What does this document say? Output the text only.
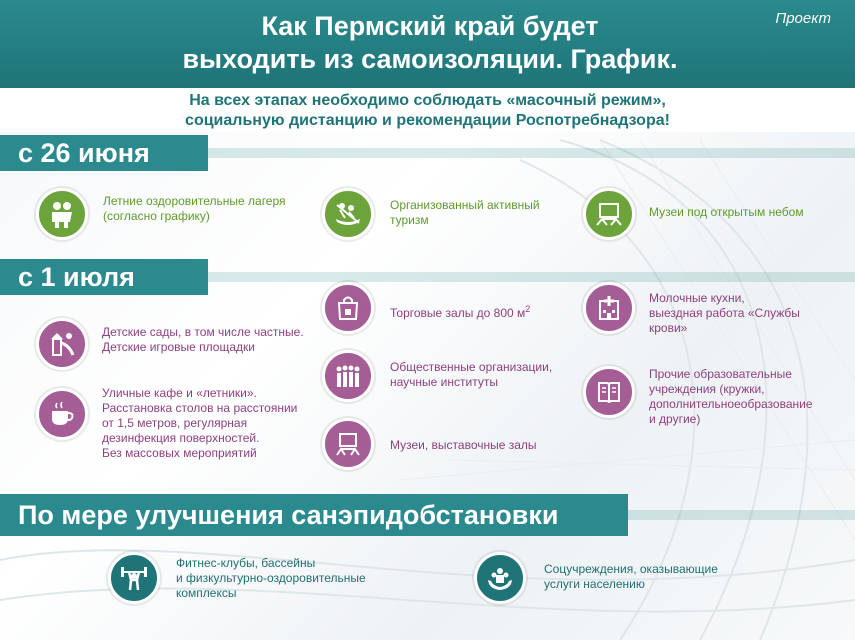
Как Пермский край будет
выходить из самоизоляции. График.
Проект
На всех этапах необходимо соблюдать «масочный режим»,
социальную дистанцию и рекомендации Роспотребнадзора!
с 26 июня
с 1 июля
По мере улучшения санэпидобстановки
Летние оздоровительные лагеря
(согласно графику)
Организованный активный
туризм
Музеи под открытым небом
Детские сады, в том числе частные.
Детские игровые площадки
Уличные кафе и «летники».
Расстановка столов на расстоянии
от 1,5 метров, регулярная
дезинфекция поверхностей.
Без массовых мероприятий
Торговые залы до 800 $м^2$
Общественные организации,
научные институты
Музеи, выставочные залы
Молочные кухни,
выездная работа «Службы
крови»
Прочие образовательные
учреждения (кружки,
дополнительноеобразование
и другие)
Фитнес-клубы, бассейны
и физкультурно-оздоровительные
комплексы
Соцучреждения, оказывающие
услуги населению
